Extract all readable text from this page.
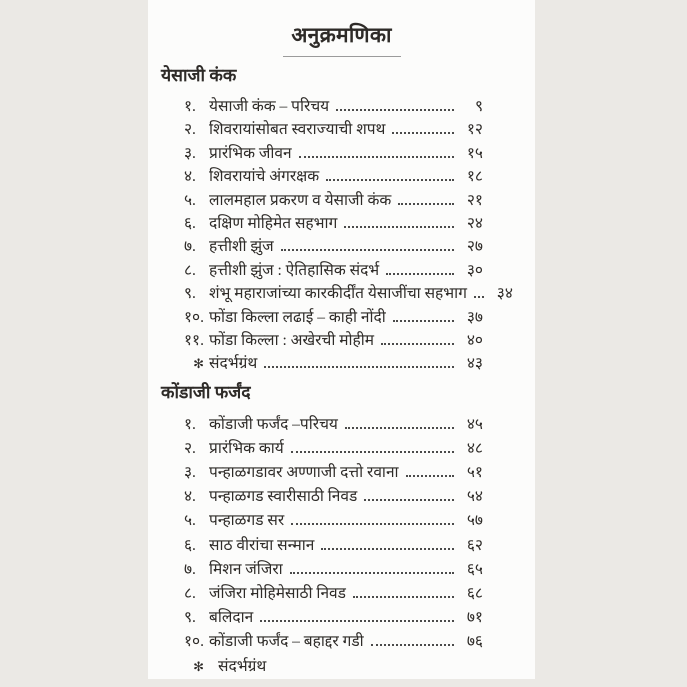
अनुक्रमणिका
येसाजी कंक
१. येसाजी कंक – परिचय	९
२. शिवरायांसोबत स्वराज्याची शपथ	१२
३. प्रारंभिक जीवन	१५
४. शिवरायांचे अंगरक्षक	१८
५. लालमहाल प्रकरण व येसाजी कंक	२१
६. दक्षिण मोहिमेत सहभाग	२४
७. हत्तीशी झुंज	२७
८. हत्तीशी झुंज : ऐतिहासिक संदर्भ	३०
९. शंभू महाराजांच्या कारकीर्दींत येसाजींचा सहभाग	३४
१०. फोंडा किल्ला लढाई – काही नोंदी	३७
११. फोंडा किल्ला : अखेरची मोहीम	४०
✻ संदर्भग्रंथ	४३
कोंडाजी फर्जंद
१. कोंडाजी फर्जंद –परिचय	४५
२. प्रारंभिक कार्य	४८
३. पन्हाळगडावर अण्णाजी दत्तो रवाना	५१
४. पन्हाळगड स्वारीसाठी निवड	५४
५. पन्हाळगड सर	५७
६. साठ वीरांचा सन्मान	६२
७. मिशन जंजिरा	६५
८. जंजिरा मोहिमेसाठी निवड	६८
९. बलिदान	७१
१०. कोंडाजी फर्जंद – बहाद्दर गडी	७६
✻ संदर्भग्रंथ
